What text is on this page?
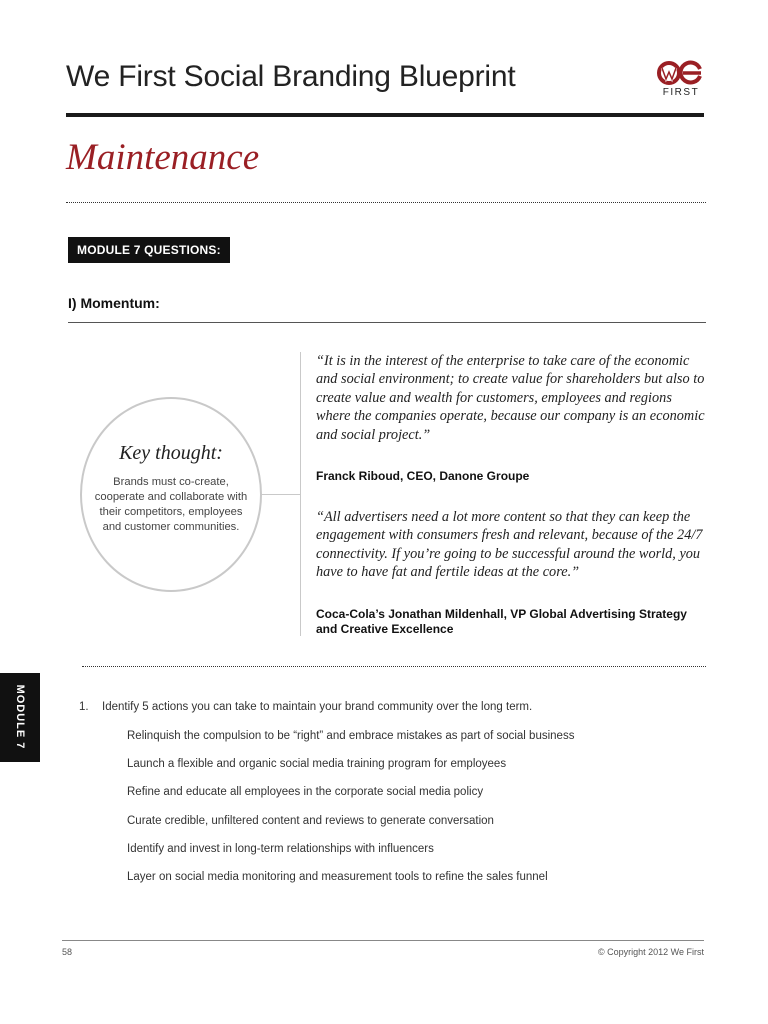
We First Social Branding Blueprint	FIRST
Maintenance
MODULE 7 QUESTIONS:
I) Momentum:
Key thought:
Brands must co-create, cooperate and collaborate with their competitors, employees and customer communities.
“It is in the interest of the enterprise to take care of the economic and social environment; to create value for shareholders but also to create value and wealth for customers, employees and regions where the companies operate, because our company is an economic and social project.”
Franck Riboud, CEO, Danone Groupe
“All advertisers need a lot more content so that they can keep the engagement with consumers fresh and relevant, because of the 24/7 connectivity. If you’re going to be successful around the world, you have to have fat and fertile ideas at the core.”
Coca-Cola’s Jonathan Mildenhall, VP Global Advertising Strategy and Creative Excellence
MODULE 7	1. Identify 5 actions you can take to maintain your brand community over the long term.
Relinquish the compulsion to be “right” and embrace mistakes as part of social business
Launch a flexible and organic social media training program for employees
Refine and educate all employees in the corporate social media policy
Curate credible, unfiltered content and reviews to generate conversation
Identify and invest in long-term relationships with influencers
Layer on social media monitoring and measurement tools to refine the sales funnel
58	© Copyright 2012 We First
